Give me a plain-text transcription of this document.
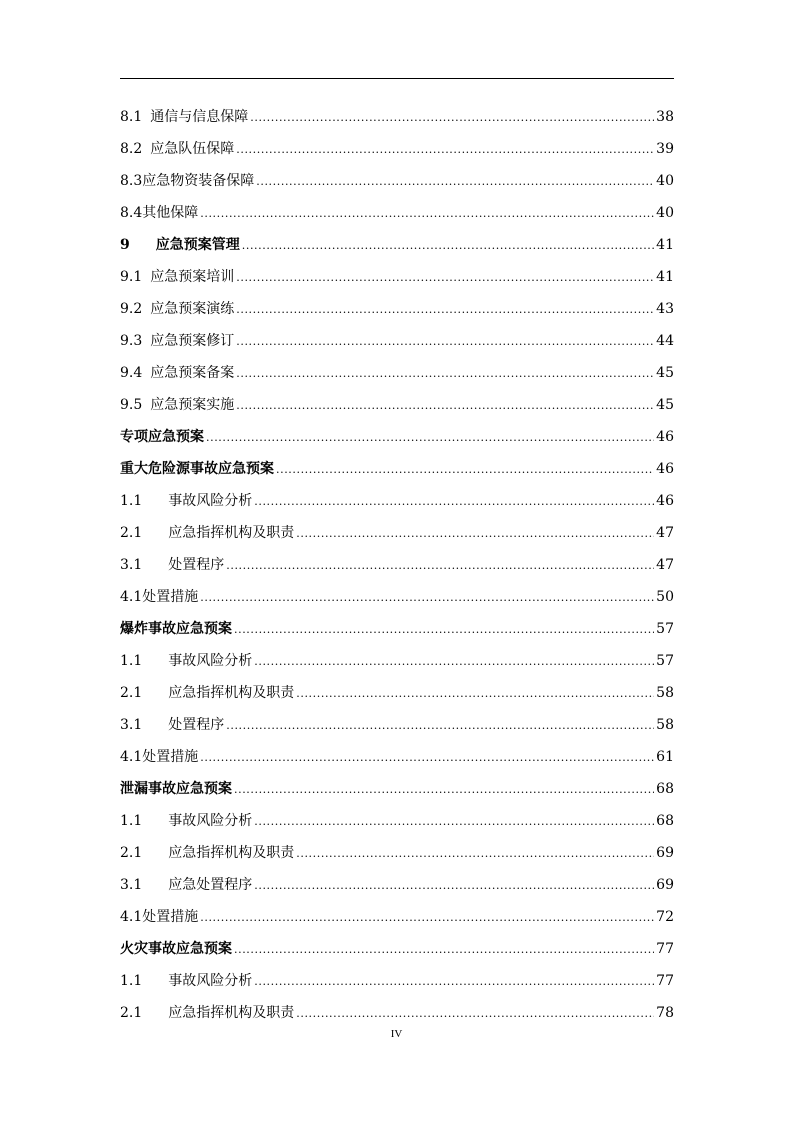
8.1 通信与信息保障 .....	38
8.2 应急队伍保障 .....	39
8.3 应急物资装备保障 .....	40
8.4 其他保障 .....	40
9 应急预案管理 .....	41
9.1 应急预案培训 .....	41
9.2 应急预案演练 .....	43
9.3 应急预案修订 .....	44
9.4 应急预案备案 .....	45
9.5 应急预案实施 .....	45
专项应急预案 .....	46
重大危险源事故应急预案 .....	46
1.1 事故风险分析 .....	46
2.1 应急指挥机构及职责 .....	47
3.1 处置程序 .....	47
4.1 处置措施 .....	50
爆炸事故应急预案 .....	57
1.1 事故风险分析 .....	57
2.1 应急指挥机构及职责 .....	58
3.1 处置程序 .....	58
4.1 处置措施 .....	61
泄漏事故应急预案 .....	68
1.1 事故风险分析 .....	68
2.1 应急指挥机构及职责 .....	69
3.1 应急处置程序 .....	69
4.1 处置措施 .....	72
火灾事故应急预案 .....	77
1.1 事故风险分析 .....	77
2.1 应急指挥机构及职责 .....	78
IV
